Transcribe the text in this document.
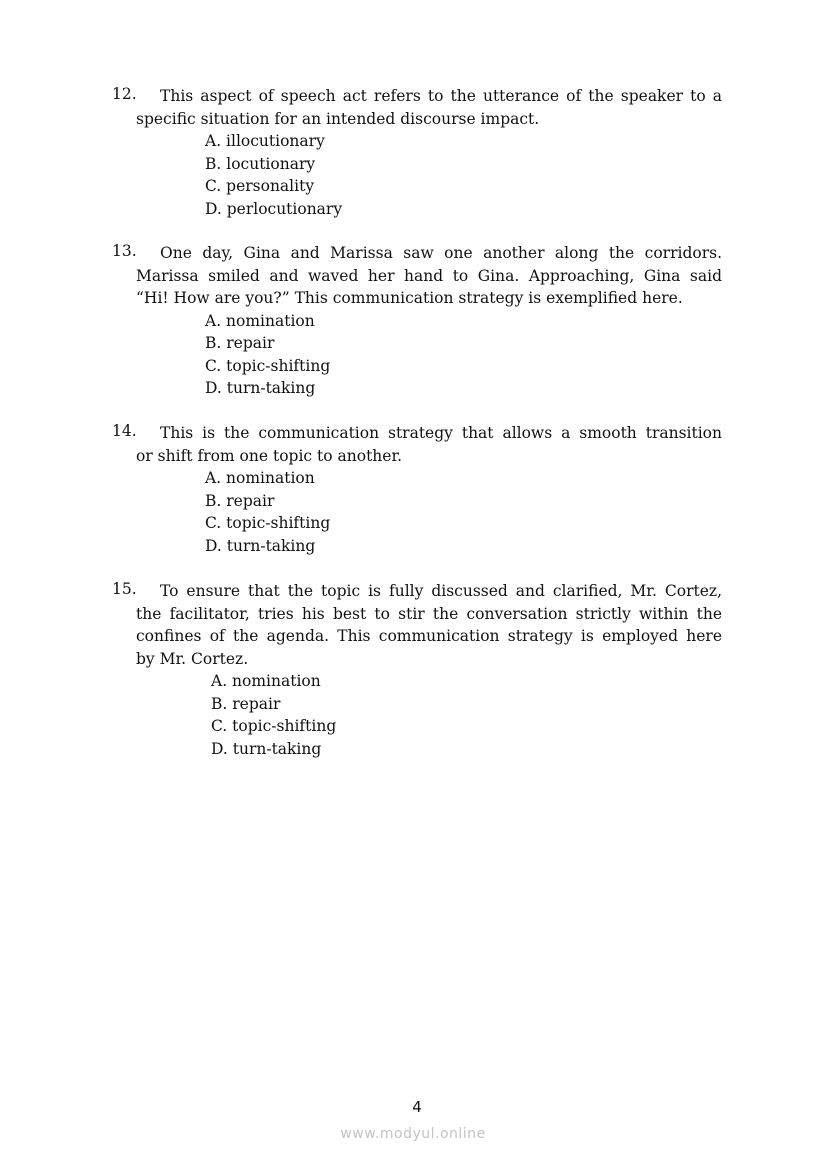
12.	This aspect of speech act refers to the utterance of the speaker to a
specific situation for an intended discourse impact.
A. illocutionary
B. locutionary
C. personality
D. perlocutionary
13.	One day, Gina and Marissa saw one another along the corridors.
Marissa smiled and waved her hand to Gina. Approaching, Gina said
“Hi! How are you?” This communication strategy is exemplified here.
A. nomination
B. repair
C. topic-shifting
D. turn-taking
14.	This is the communication strategy that allows a smooth transition
or shift from one topic to another.
A. nomination
B. repair
C. topic-shifting
D. turn-taking
15.	To ensure that the topic is fully discussed and clarified, Mr. Cortez,
the facilitator, tries his best to stir the conversation strictly within the
confines of the agenda. This communication strategy is employed here
by Mr. Cortez.
A. nomination
B. repair
C. topic-shifting
D. turn-taking
4
www.modyul.online
